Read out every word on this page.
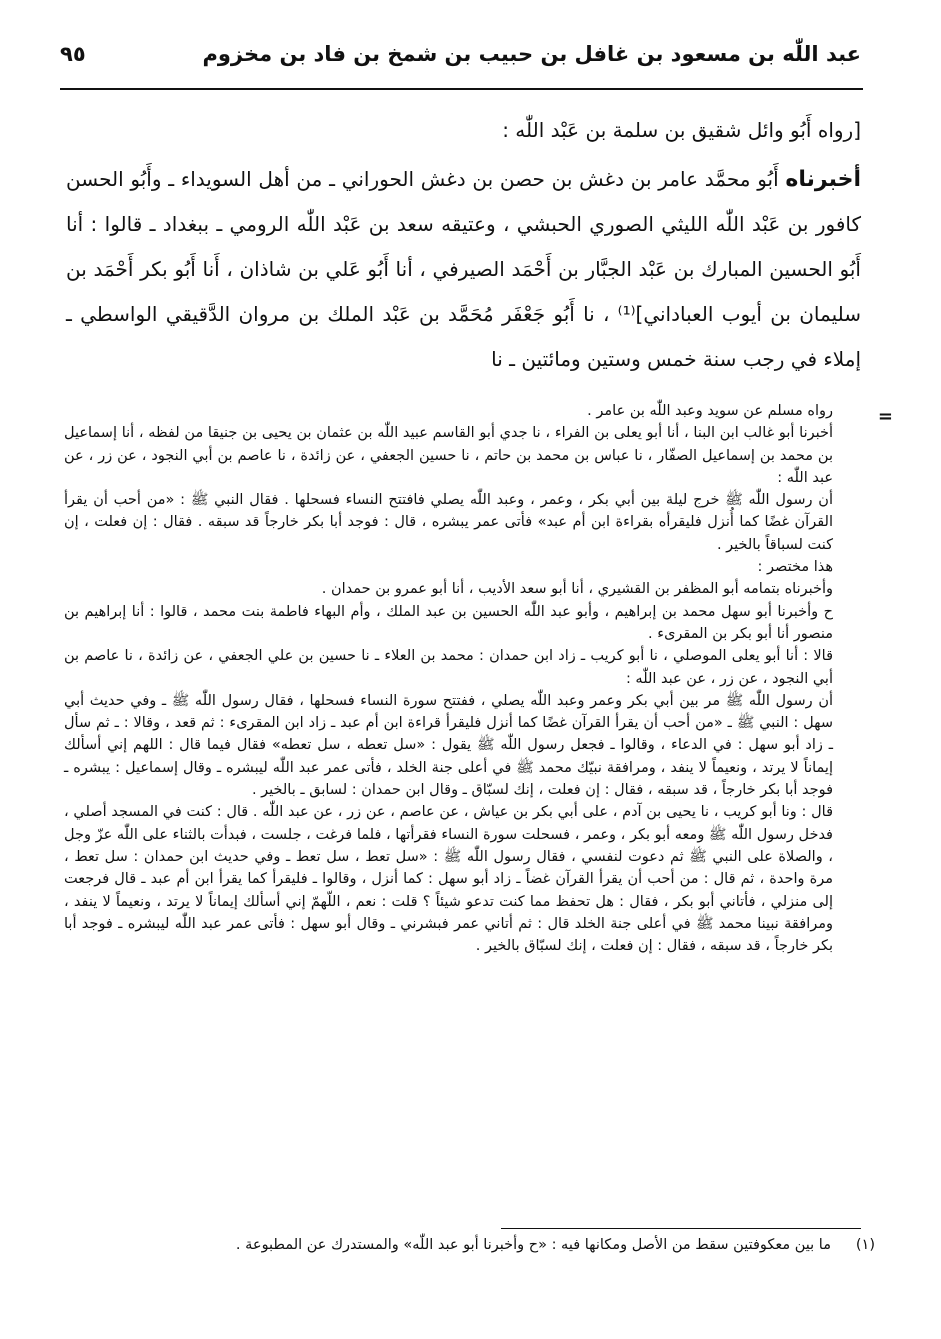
عبد اللّٰه بن مسعود بن غافل بن حبيب بن شمخ بن فاد بن مخزوم
٩٥

[رواه أَبُو وائل شقيق بن سلمة بن عَبْد اللّٰه :

أخبرناه أَبُو محمَّد عامر بن دغش بن حصن بن دغش الحوراني ـ من أهل السويداء ـ وأَبُو الحسن كافور بن عَبْد اللّٰه الليثي الصوري الحبشي ، وعتيقه سعد بن عَبْد اللّٰه الرومي ـ ببغداد ـ قالوا : أنا أَبُو الحسين المبارك بن عَبْد الجبَّار بن أَحْمَد الصيرفي ، أنا أَبُو عَلي بن شاذان ، أَنا أَبُو بكر أَحْمَد بن سليمان بن أيوب العباداني]⁽¹⁾ ، نا أَبُو جَعْفَر مُحَمَّد بن عَبْد الملك بن مروان الدَّقيقي الواسطي ـ إملاء في رجب سنة خمس وستين ومائتين ـ نا

=

رواه مسلم عن سويد وعبد اللّٰه بن عامر .

أخبرنا أبو غالب ابن البنا ، أنا أبو يعلى بن الفراء ، نا جدي أبو القاسم عبيد اللّٰه بن عثمان بن يحيى بن جنيقا من لفظه ، أنا إسماعيل بن محمد بن إسماعيل الصفّار ، نا عباس بن محمد بن حاتم ، نا حسين الجعفي ، عن زائدة ، نا عاصم بن أبي النجود ، عن زر ، عن عبد اللّٰه :

أن رسول اللّٰه ﷺ خرج ليلة بين أبي بكر ، وعمر ، وعبد اللّٰه يصلي فافتتح النساء فسحلها . فقال النبي ﷺ : «من أحب أن يقرأ القرآن غضًا كما أُنزل فليقرأه بقراءة ابن أم عبد» فأتى عمر يبشره ، قال : فوجد أبا بكر خارجاً قد سبقه . فقال : إن فعلت ، إن كنت لسباقاً بالخير .

هذا مختصر :

وأخبرناه بتمامه أبو المظفر بن القشيري ، أنا أبو سعد الأديب ، أنا أبو عمرو بن حمدان .

ح وأخبرنا أبو سهل محمد بن إبراهيم ، وأبو عبد اللّٰه الحسين بن عبد الملك ، وأم البهاء فاطمة بنت محمد ، قالوا : أنا إبراهيم بن منصور أنا أبو بكر بن المقرىء .

قالا : أنا أبو يعلى الموصلي ، نا أبو كريب ـ زاد ابن حمدان : محمد بن العلاء ـ نا حسين بن علي الجعفي ، عن زائدة ، نا عاصم بن أبي النجود ، عن زر ، عن عبد اللّٰه :

أن رسول اللّٰه ﷺ مر بين أبي بكر وعمر وعبد اللّٰه يصلي ، ففتتح سورة النساء فسحلها ، فقال رسول اللّٰه ﷺ ـ وفي حديث أبي سهل : النبي ﷺ ـ «من أحب أن يقرأ القرآن غضًا كما أنزل فليقرأ قراءة ابن أم عبد ـ زاد ابن المقرىء : ثم قعد ، وقالا : ـ ثم سأل ـ زاد أبو سهل : في الدعاء ، وقالوا ـ فجعل رسول اللّٰه ﷺ يقول : «سل تعطه ، سل تعطه» فقال فيما قال : اللهم إني أسألك إيماناً لا يرتد ، ونعيماً لا ينفد ، ومرافقة نبيّك محمد ﷺ في أعلى جنة الخلد ، فأتى عمر عبد اللّٰه ليبشره ـ وقال إسماعيل : يبشره ـ فوجد أبا بكر خارجاً ، قد سبقه ، فقال : إن فعلت ، إنك لسبّاق ـ وقال ابن حمدان : لسابق ـ بالخير .

قال : ونا أبو كريب ، نا يحيى بن آدم ، على أبي بكر بن عياش ، عن عاصم ، عن زر ، عن عبد اللّٰه . قال : كنت في المسجد أصلي ، فدخل رسول اللّٰه ﷺ ومعه أبو بكر ، وعمر ، فسحلت سورة النساء فقرأتها ، فلما فرغت ، جلست ، فبدأت بالثناء على اللّٰه عزّ وجل ، والصلاة على النبي ﷺ ثم دعوت لنفسي ، فقال رسول اللّٰه ﷺ : «سل تعط ، سل تعط ـ وفي حديث ابن حمدان : سل تعط ، مرة واحدة ، ثم قال : من أحب أن يقرأ القرآن غضاً ـ زاد أبو سهل : كما أنزل ، وقالوا ـ فليقرأ كما يقرأ ابن أم عبد ـ قال فرجعت إلى منزلي ، فأتاني أبو بكر ، فقال : هل تحفظ مما كنت تدعو شيئاً ؟ قلت : نعم ، اللّهمّ إني أسألك إيماناً لا يرتد ، ونعيماً لا ينفد ، ومرافقة نبينا محمد ﷺ في أعلى جنة الخلد قال : ثم أتاني عمر فبشرني ـ وقال أبو سهل : فأتى عمر عبد اللّٰه ليبشره ـ فوجد أبا بكر خارجاً ، قد سبقه ، فقال : إن فعلت ، إنك لسبّاق بالخير .

(١)
ما بين معكوفتين سقط من الأصل ومكانها فيه : «ح وأخبرنا أبو عبد اللّٰه» والمستدرك عن المطبوعة .
